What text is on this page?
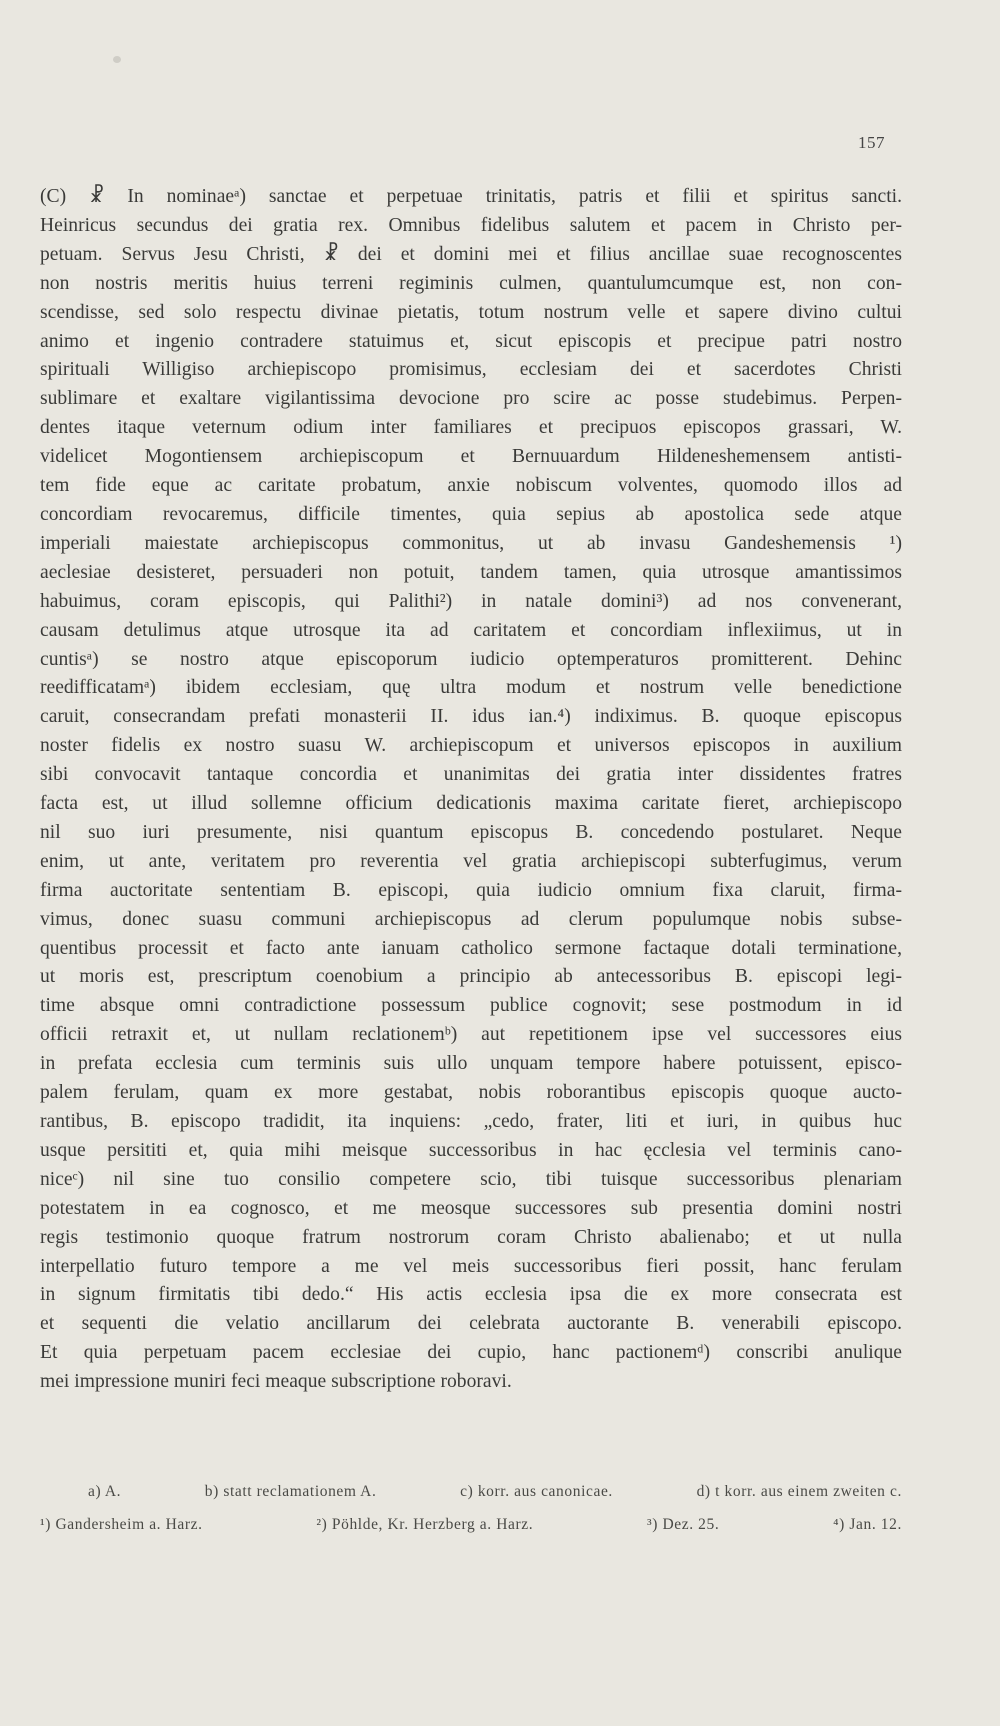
157
(C) ☧ In nominaeᵃ) sanctae et perpetuae trinitatis, patris et filii et spiritus sancti.
Heinricus secundus dei gratia rex. Omnibus fidelibus salutem et pacem in Christo per-
petuam. Servus Jesu Christi, ☧ dei et domini mei et filius ancillae suae recognoscentes
non nostris meritis huius terreni regiminis culmen, quantulumcumque est, non con-
scendisse, sed solo respectu divinae pietatis, totum nostrum velle et sapere divino cultui
animo et ingenio contradere statuimus et, sicut episcopis et precipue patri nostro
spirituali Willigiso archiepiscopo promisimus, ecclesiam dei et sacerdotes Christi
sublimare et exaltare vigilantissima devocione pro scire ac posse studebimus. Perpen-
dentes itaque veternum odium inter familiares et precipuos episcopos grassari, W.
videlicet Mogontiensem archiepiscopum et Bernuuardum Hildeneshemensem antisti-
tem fide eque ac caritate probatum, anxie nobiscum volventes, quomodo illos ad
concordiam revocaremus, difficile timentes, quia sepius ab apostolica sede atque
imperiali maiestate archiepiscopus commonitus, ut ab invasu Gandeshemensis ¹)
aeclesiae desisteret, persuaderi non potuit, tandem tamen, quia utrosque amantissimos
habuimus, coram episcopis, qui Palithi²) in natale domini³) ad nos convenerant,
causam detulimus atque utrosque ita ad caritatem et concordiam inflexiimus, ut in
cuntisᵃ) se nostro atque episcoporum iudicio optemperaturos promitterent. Dehinc
reedifficatamᵃ) ibidem ecclesiam, quę ultra modum et nostrum velle benedictione
caruit, consecrandam prefati monasterii II. idus ian.⁴) indiximus. B. quoque episcopus
noster fidelis ex nostro suasu W. archiepiscopum et universos episcopos in auxilium
sibi convocavit tantaque concordia et unanimitas dei gratia inter dissidentes fratres
facta est, ut illud sollemne officium dedicationis maxima caritate fieret, archiepiscopo
nil suo iuri presumente, nisi quantum episcopus B. concedendo postularet. Neque
enim, ut ante, veritatem pro reverentia vel gratia archiepiscopi subterfugimus, verum
firma auctoritate sententiam B. episcopi, quia iudicio omnium fixa claruit, firma-
vimus, donec suasu communi archiepiscopus ad clerum populumque nobis subse-
quentibus processit et facto ante ianuam catholico sermone factaque dotali terminatione,
ut moris est, prescriptum coenobium a principio ab antecessoribus B. episcopi legi-
time absque omni contradictione possessum publice cognovit; sese postmodum in id
officii retraxit et, ut nullam reclationemᵇ) aut repetitionem ipse vel successores eius
in prefata ecclesia cum terminis suis ullo unquam tempore habere potuissent, episco-
palem ferulam, quam ex more gestabat, nobis roborantibus episcopis quoque aucto-
rantibus, B. episcopo tradidit, ita inquiens: „cedo, frater, liti et iuri, in quibus huc
usque persititi et, quia mihi meisque successoribus in hac ęcclesia vel terminis cano-
niceᶜ) nil sine tuo consilio competere scio, tibi tuisque successoribus plenariam
potestatem in ea cognosco, et me meosque successores sub presentia domini nostri
regis testimonio quoque fratrum nostrorum coram Christo abalienabo; et ut nulla
interpellatio futuro tempore a me vel meis successoribus fieri possit, hanc ferulam
in signum firmitatis tibi dedo.“ His actis ecclesia ipsa die ex more consecrata est
et sequenti die velatio ancillarum dei celebrata auctorante B. venerabili episcopo.
Et quia perpetuam pacem ecclesiae dei cupio, hanc pactionemᵈ) conscribi anulique
mei impressione muniri feci meaque subscriptione roboravi.
a) A.	b) statt reclamationem A.	c) korr. aus canonicae.	d) t korr. aus einem zweiten c.
¹) Gandersheim a. Harz.	²) Pöhlde, Kr. Herzberg a. Harz.	³) Dez. 25.	⁴) Jan. 12.
